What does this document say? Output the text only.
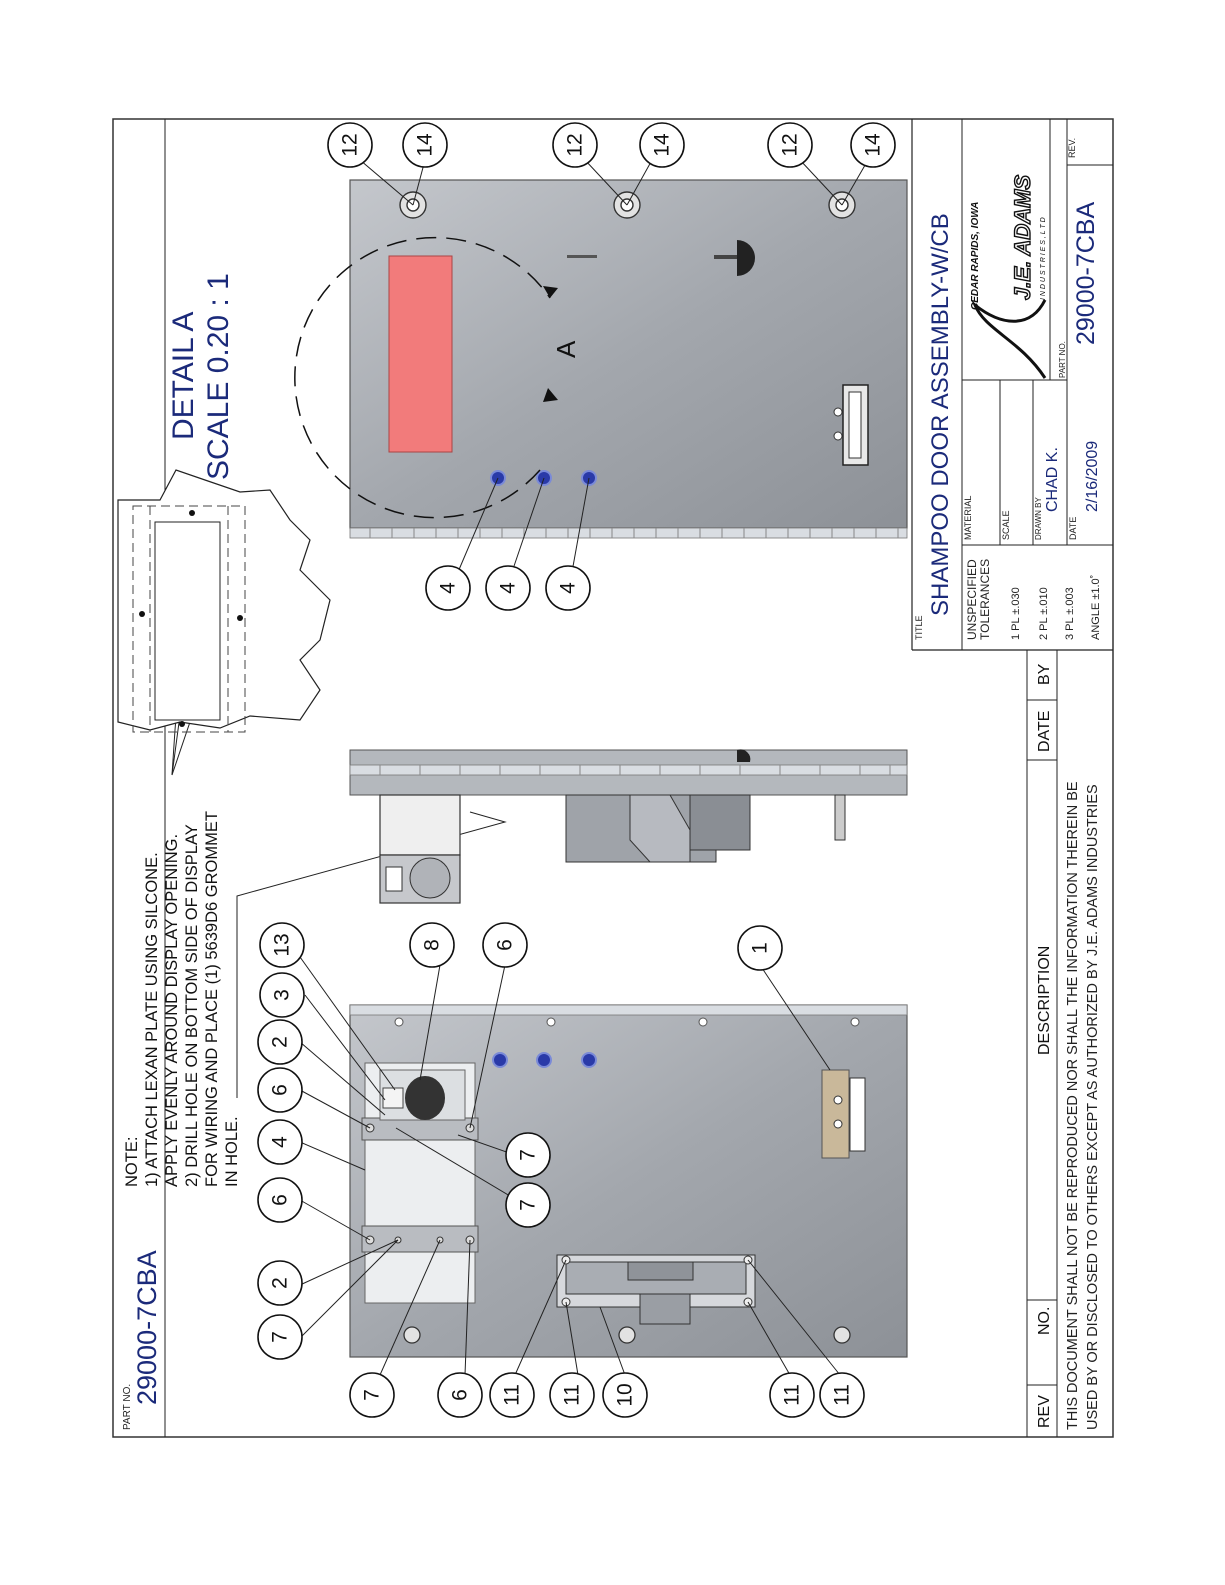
PART NO.
29000-7CBA
NOTE: 1) ATTACH LEXAN PLATE USING SILCONE. APPLY EVENLY AROUND DISPLAY OPENING. 2) DRILL HOLE ON BOTTOM SIDE OF DISPLAY FOR WIRING AND PLACE (1) 5639D6 GROMMET IN HOLE.
DETAIL A SCALE 0.20 : 1	A
12 14	12	14	12	14
4 4 4
7
2
6
4
6
2
3
13	8 6
7
7
1
7	6 11 11 10	11 11
REV
NO.
DESCRIPTION
DATE
BY
THIS DOCUMENT SHALL NOT BE REPRODUCED NOR SHALL THE INFORMATION THEREIN BE USED BY OR DISCLOSED TO OTHERS EXCEPT AS AUTHORIZED BY J.E. ADAMS INDUSTRIES
TITLE
SHAMPOO DOOR ASSEMBLY-W/CB UNSPECIFIED TOLERANCES 1 PL ±.030 2 PL ±.010 3 PL ±.003 ANGLE ±1.0˚
MATERIAL	SCALE	DRAWN BY
CHAD K.
DATE
2/16/2009
CEDAR RAPIDS, IOWA J.E. ADAMS I N D U S T R I E S , L T D
PART NO.
29000-7CBA
REV.
